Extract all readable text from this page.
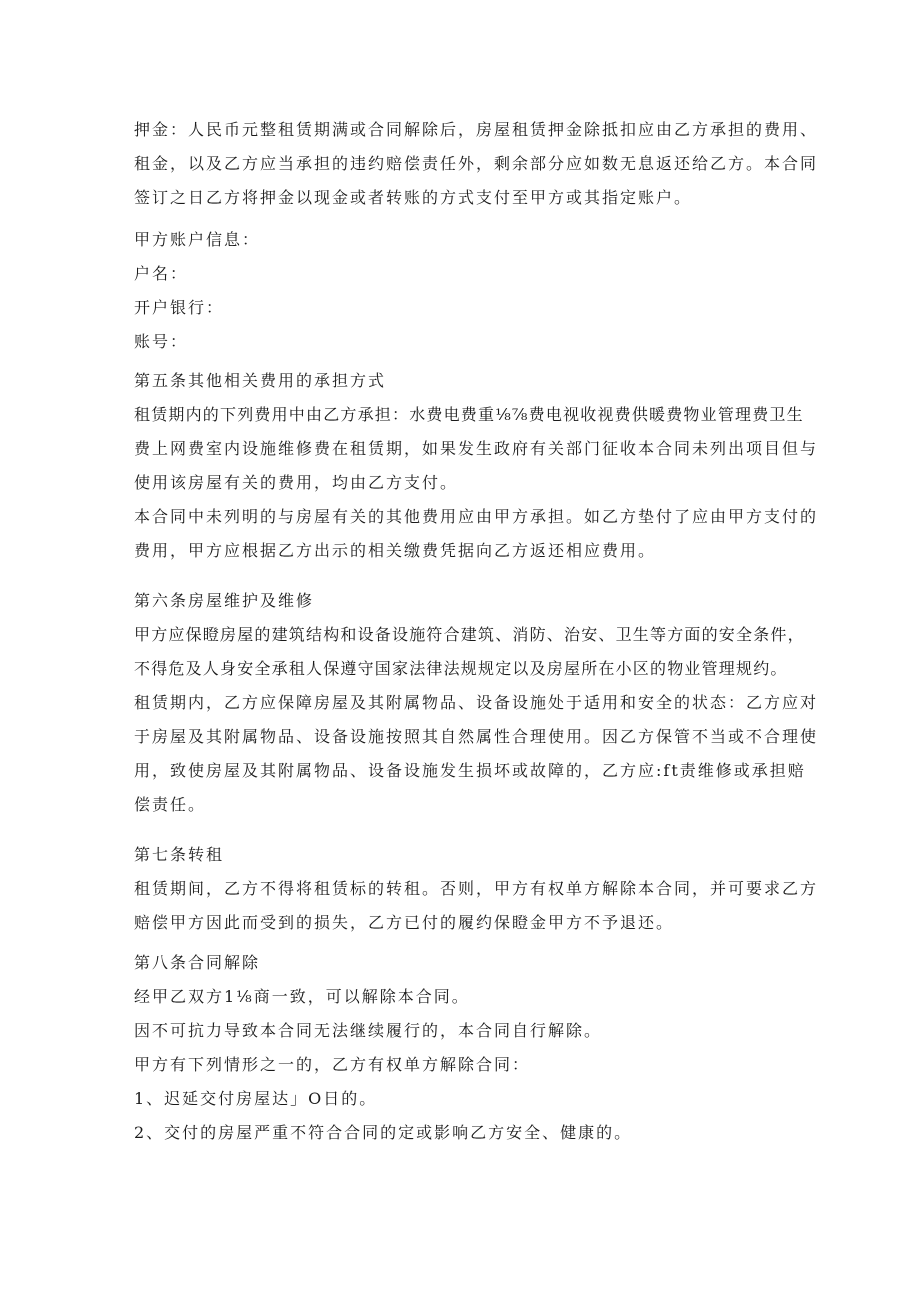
押金：人民币元整租赁期满或合同解除后，房屋租赁押金除抵扣应由乙方承担的费用、
租金，以及乙方应当承担的违约赔偿责任外，剩余部分应如数无息返还给乙方。本合同
签订之日乙方将押金以现金或者转账的方式支付至甲方或其指定账户。
甲方账户信息：
户名：
开户银行：
账号：
第五条其他相关费用的承担方式
租赁期内的下列费用中由乙方承担：水费电费重⅛⅞费电视收视费供暖费物业管理费卫生
费上网费室内设施维修费在租赁期，如果发生政府有关部门征收本合同未列出项目但与
使用该房屋有关的费用，均由乙方支付。
本合同中未列明的与房屋有关的其他费用应由甲方承担。如乙方垫付了应由甲方支付的
费用，甲方应根据乙方出示的相关缴费凭据向乙方返还相应费用。
第六条房屋维护及维修
甲方应保瞪房屋的建筑结构和设备设施符合建筑、消防、治安、卫生等方面的安全条件，
不得危及人身安全承租人保遵守国家法律法规规定以及房屋所在小区的物业管理规约。
租赁期内，乙方应保障房屋及其附属物品、设备设施处于适用和安全的状态：乙方应对
于房屋及其附属物品、设备设施按照其自然属性合理使用。因乙方保管不当或不合理使
用，致使房屋及其附属物品、设备设施发生损坏或故障的，乙方应:ft责维修或承担赔
偿责任。
第七条转租
租赁期间，乙方不得将租赁标的转租。否则，甲方有权单方解除本合同，并可要求乙方
赔偿甲方因此而受到的损失，乙方已付的履约保瞪金甲方不予退还。
第八条合同解除
经甲乙双方1⅛商一致，可以解除本合同。
因不可抗力导致本合同无法继续履行的，本合同自行解除。
甲方有下列情形之一的，乙方有权单方解除合同：
1、迟延交付房屋达」O日的。
2、交付的房屋严重不符合合同的定或影响乙方安全、健康的。
